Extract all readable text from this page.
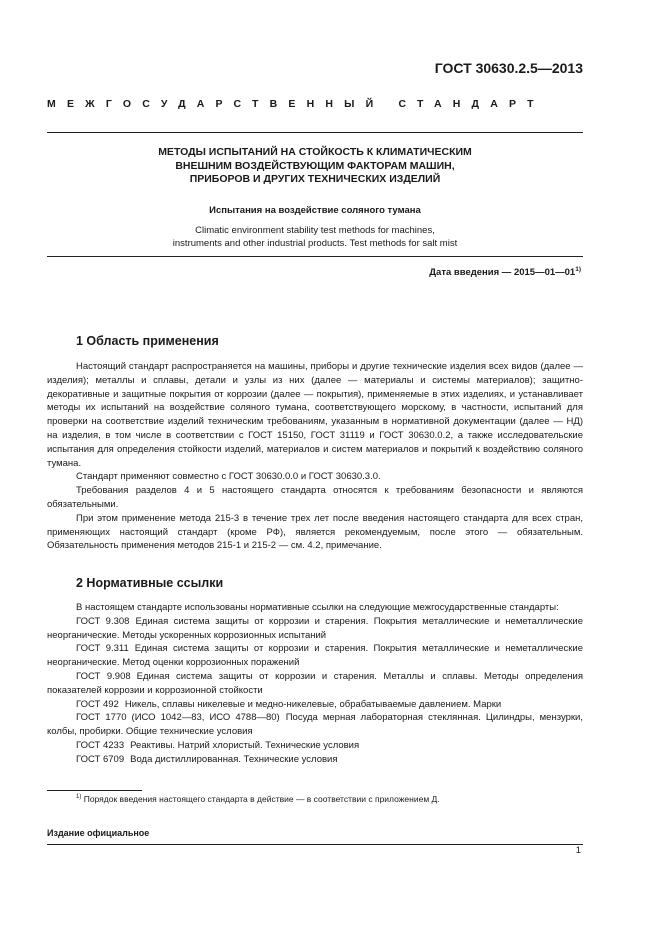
ГОСТ 30630.2.5—2013
МЕЖГОСУДАРСТВЕННЫЙ СТАНДАРТ
МЕТОДЫ ИСПЫТАНИЙ НА СТОЙКОСТЬ К КЛИМАТИЧЕСКИМ
ВНЕШНИМ ВОЗДЕЙСТВУЮЩИМ ФАКТОРАМ МАШИН,
ПРИБОРОВ И ДРУГИХ ТЕХНИЧЕСКИХ ИЗДЕЛИЙ
Испытания на воздействие соляного тумана
Climatic environment stability test methods for machines,
instruments and other industrial products. Test methods for salt mist
Дата введения — 2015—01—01$^{1)}$
1 Область применения

Настоящий стандарт распространяется на машины, приборы и другие технические изделия всех видов (далее — изделия); металлы и сплавы, детали и узлы из них (далее — материалы и системы материалов); защитно-декоративные и защитные покрытия от коррозии (далее — покрытия), применяемые в этих изделиях, и устанавливает методы их испытаний на воздействие соляного тумана, соответствующего морскому, в частности, испытаний для проверки на соответствие изделий техническим требованиям, указанным в нормативной документации (далее — НД) на изделия, в том числе в соответствии с ГОСТ 15150, ГОСТ 31119 и ГОСТ 30630.0.2, а также исследовательские испытания для определения стойкости изделий, материалов и систем материалов и покрытий к воздействию соляного тумана.

Стандарт применяют совместно с ГОСТ 30630.0.0 и ГОСТ 30630.3.0.

Требования разделов 4 и 5 настоящего стандарта относятся к требованиям безопасности и являются обязательными.

При этом применение метода 215-3 в течение трех лет после введения настоящего стандарта для всех стран, применяющих настоящий стандарт (кроме РФ), является рекомендуемым, после этого — обязательным. Обязательность применения методов 215-1 и 215-2 — см. 4.2, примечание.

2 Нормативные ссылки

В настоящем стандарте использованы нормативные ссылки на следующие межгосударственные стандарты:

ГОСТ 9.308 Единая система защиты от коррозии и старения. Покрытия металлические и неметаллические неорганические. Методы ускоренных коррозионных испытаний
ГОСТ 9.311 Единая система защиты от коррозии и старения. Покрытия металлические и неметаллические неорганические. Метод оценки коррозионных поражений
ГОСТ 9.908 Единая система защиты от коррозии и старения. Металлы и сплавы. Методы определения показателей коррозии и коррозионной стойкости
ГОСТ 492 Никель, сплавы никелевые и медно-никелевые, обрабатываемые давлением. Марки
ГОСТ 1770 (ИСО 1042—83, ИСО 4788—80) Посуда мерная лабораторная стеклянная. Цилиндры, мензурки, колбы, пробирки. Общие технические условия
ГОСТ 4233 Реактивы. Натрий хлористый. Технические условия
ГОСТ 6709 Вода дистиллированная. Технические условия
$^{1)}$ Порядок введения настоящего стандарта в действие — в соответствии с приложением Д.
Издание официальное
1
